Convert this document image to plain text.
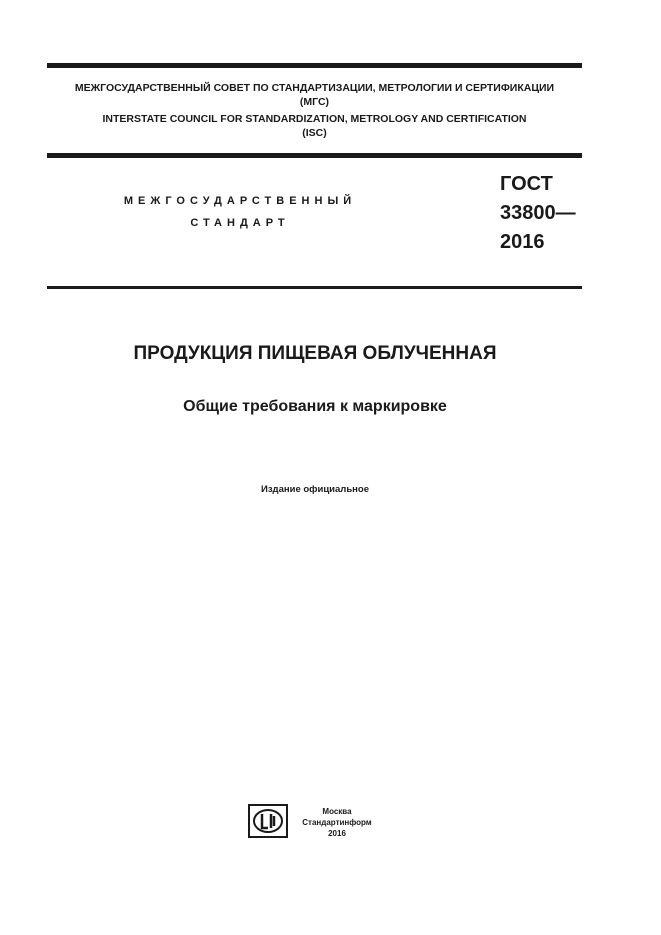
МЕЖГОСУДАРСТВЕННЫЙ СОВЕТ ПО СТАНДАРТИЗАЦИИ, МЕТРОЛОГИИ И СЕРТИФИКАЦИИ
(МГС)
INTERSTATE COUNCIL FOR STANDARDIZATION, METROLOGY AND CERTIFICATION
(ISC)
МЕЖГОСУДАРСТВЕННЫЙ
СТАНДАРТ
ГОСТ
33800—
2016
ПРОДУКЦИЯ ПИЩЕВАЯ ОБЛУЧЕННАЯ
Общие требования к маркировке
Издание официальное
Москва
Стандартинформ
2016
